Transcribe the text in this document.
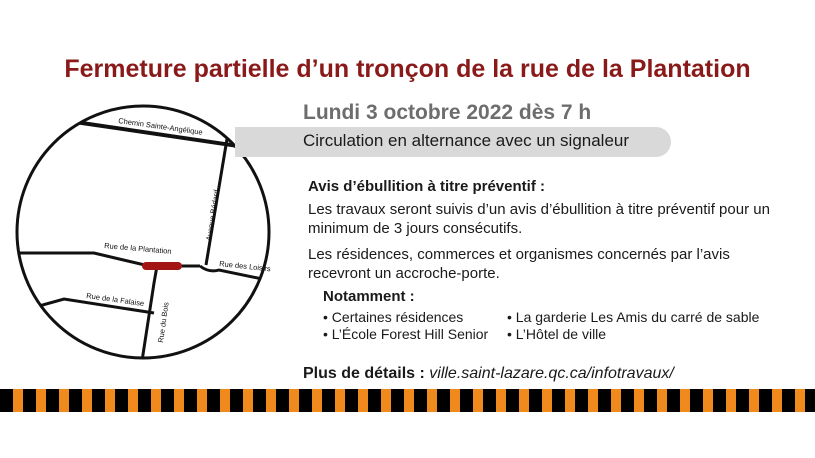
Fermeture partielle d’un tronçon de la rue de la Plantation
Chemin Sainte-Angélique
Avenue Bédard
Rue de la Plantation
Rue des Loisirs
Rue de la Falaise
Rue du Bois
Lundi 3 octobre 2022 dès 7 h
Circulation en alternance avec un signaleur
Avis d’ébullition à titre préventif :
Les travaux seront suivis d’un avis d’ébullition à titre préventif pour un minimum de 3 jours consécutifs.
Les résidences, commerces et organismes concernés par l’avis recevront un accroche-porte.
Notamment :
• Certaines résidences
• L’École Forest Hill Senior
• La garderie Les Amis du carré de sable
• L’Hôtel de ville
Plus de détails : ville.saint-lazare.qc.ca/infotravaux/
